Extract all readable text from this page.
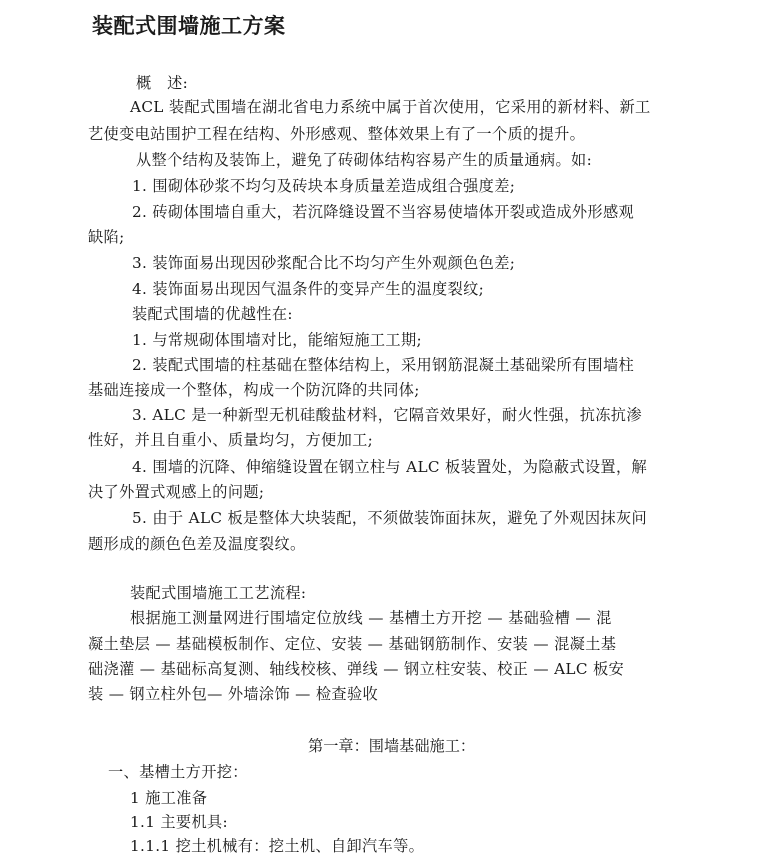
装配式围墙施工方案
概　述:
ACL 装配式围墙在湖北省电力系统中属于首次使用，它采用的新材料、新工
艺使变电站围护工程在结构、外形感观、整体效果上有了一个质的提升。
从整个结构及装饰上，避免了砖砌体结构容易产生的质量通病。如:
1. 围砌体砂浆不均匀及砖块本身质量差造成组合强度差;
2. 砖砌体围墙自重大，若沉降缝设置不当容易使墙体开裂或造成外形感观
缺陷;
3. 装饰面易出现因砂浆配合比不均匀产生外观颜色色差;
4. 装饰面易出现因气温条件的变异产生的温度裂纹;
装配式围墙的优越性在:
1. 与常规砌体围墙对比，能缩短施工工期;
2. 装配式围墙的柱基础在整体结构上，采用钢筋混凝土基础梁所有围墙柱
基础连接成一个整体，构成一个防沉降的共同体;
3. ALC 是一种新型无机硅酸盐材料，它隔音效果好，耐火性强，抗冻抗渗
性好，并且自重小、质量均匀，方便加工;
4. 围墙的沉降、伸缩缝设置在钢立柱与 ALC 板装置处，为隐蔽式设置，解
决了外置式观感上的问题;
5. 由于 ALC 板是整体大块装配，不须做装饰面抹灰，避免了外观因抹灰问
题形成的颜色色差及温度裂纹。
装配式围墙施工工艺流程:
根据施工测量网进行围墙定位放线 — 基槽土方开挖 — 基础验槽 — 混
凝土垫层 — 基础模板制作、定位、安装 — 基础钢筋制作、安装 — 混凝土基
础浇灌 — 基础标高复测、轴线校核、弹线 — 钢立柱安装、校正 — ALC 板安
装 — 钢立柱外包— 外墙涂饰 — 检查验收
第一章：围墙基础施工：
一、基槽土方开挖：
1 施工准备
1.1 主要机具:
1.1.1 挖土机械有：挖土机、自卸汽车等。
